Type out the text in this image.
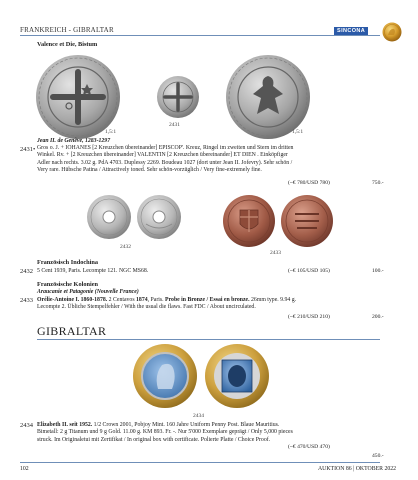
FRANKREICH - GIBRALTAR	SINCONA
Valence et Die, Bistum
2431
1,5:1	1,5:1
Jean II. de Genève, 1283-1297
2431• Gros o. J. + IOHANES [2 Kreuzchen übereinander] EPISCOP'. Kreuz, Ringel im zweiten und Stern im dritten
Winkel. Rv. + [2 Kreuzchen übereinander] VALENTIN [2 Kreuzchen übereinander] ET DIEN . Einköpfiger
Adler nach rechts. 3.02 g. PdA 4703. Duplessy 2269. Boudeau 1027 (dort unter Jean II. Jofevry). Sehr schön /
Very rare. Hübsche Patina / Attractively toned. Sehr schön-vorzüglich / Very fine-extremely fine.
(~€ 780/USD 780)	750.-
2432
2433
Französisch Indochina
2432 5 Cent 1939, Paris. Lecompte 121. NGC MS68.	(~€ 105/USD 105)	100.-
Französische Kolonien
Araucanie et Patagonie (Nouvelle France)
2433 Orélie-Antoine I. 1860-1878. 2 Centavos 1874, Paris. Probe in Bronze / Essai en bronze. 26mm type. 9.94 g.
Lecompte 2. Übliche Stempelfehler / With the usual die flaws. Fast FDC / About uncirculated.
(~€ 210/USD 210)	200.-
GIBRALTAR
2434
2434 Elizabeth II. seit 1952. 1/2 Crown 2001, Pobjoy Mint. 160 Jahre Uniform Penny Post. Blaue Mauritius.
Bimetall: 2 g Titanum und 9 g Gold. 11.00 g. KM 893. Fr. -. Nur 5'000 Exemplare geprägt / Only 5,000 pieces
struck. Im Originaletui mit Zertifikat / In original box with certificate. Polierte Platte / Choice Proof.
(~€ 470/USD 470)
450.-
102	AUKTION 86 | OKTOBER 2022
